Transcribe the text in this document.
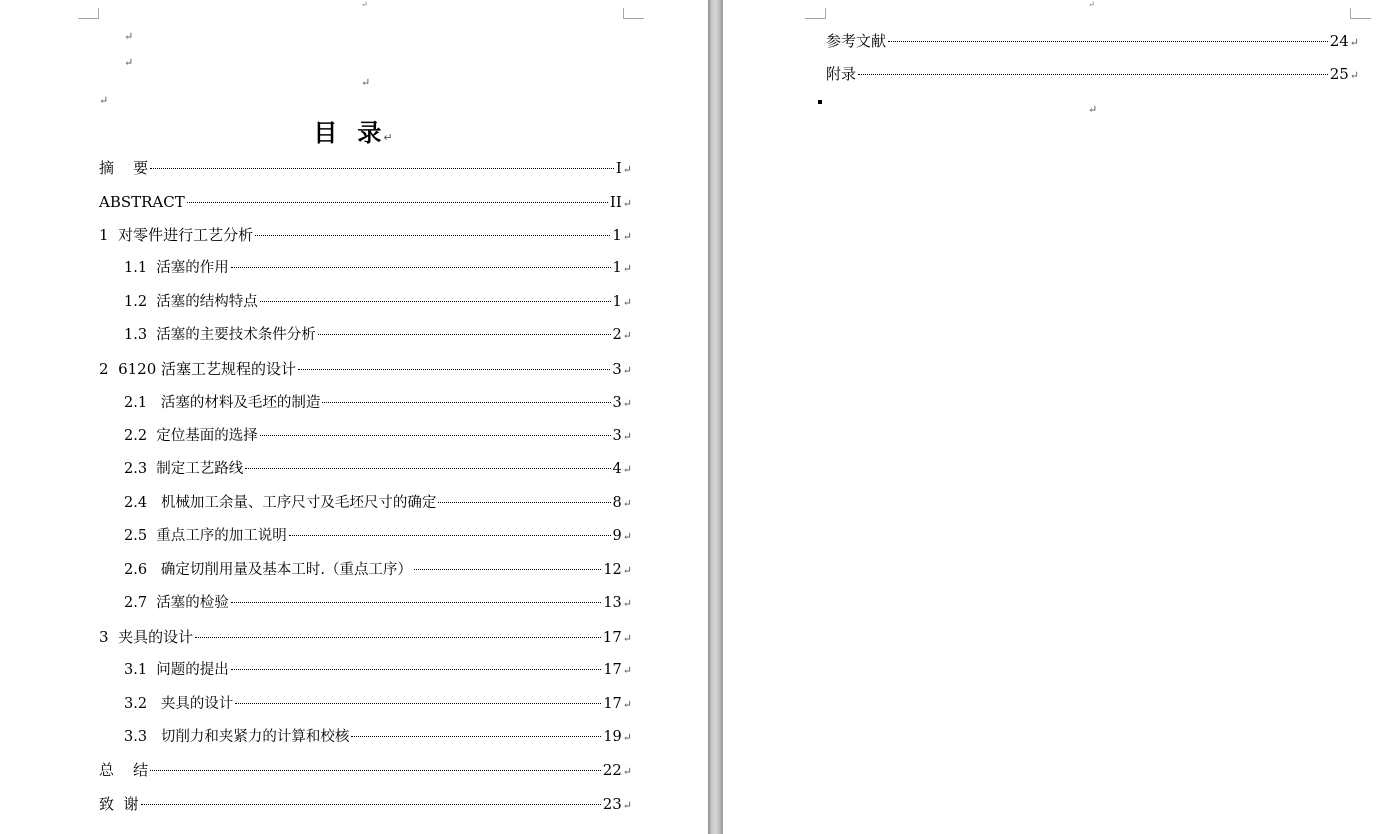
↵
↵
↵
↵
↵
目 录↵
摘    要	I ↵
ABSTRACT	II ↵
1 对零件进行工艺分析	1 ↵
1.1 活塞的作用	1 ↵
1.2 活塞的结构特点	1 ↵
1.3 活塞的主要技术条件分析	2 ↵
2 6120 活塞工艺规程的设计	3 ↵
2.1 活塞的材料及毛坯的制造	3 ↵
2.2 定位基面的选择	3 ↵
2.3 制定工艺路线	4 ↵
2.4 机械加工余量、工序尺寸及毛坯尺寸的确定	8 ↵
2.5 重点工序的加工说明	9 ↵
2.6 确定切削用量及基本工时.（重点工序）	12 ↵
2.7 活塞的检验	13 ↵
3 夹具的设计	17 ↵
3.1 问题的提出	17 ↵
3.2 夹具的设计	17 ↵
3.3 切削力和夹紧力的计算和校核	19 ↵
总    结	22 ↵
致  谢	23 ↵
↵
参考文献	24 ↵
附录	25 ↵
↵
